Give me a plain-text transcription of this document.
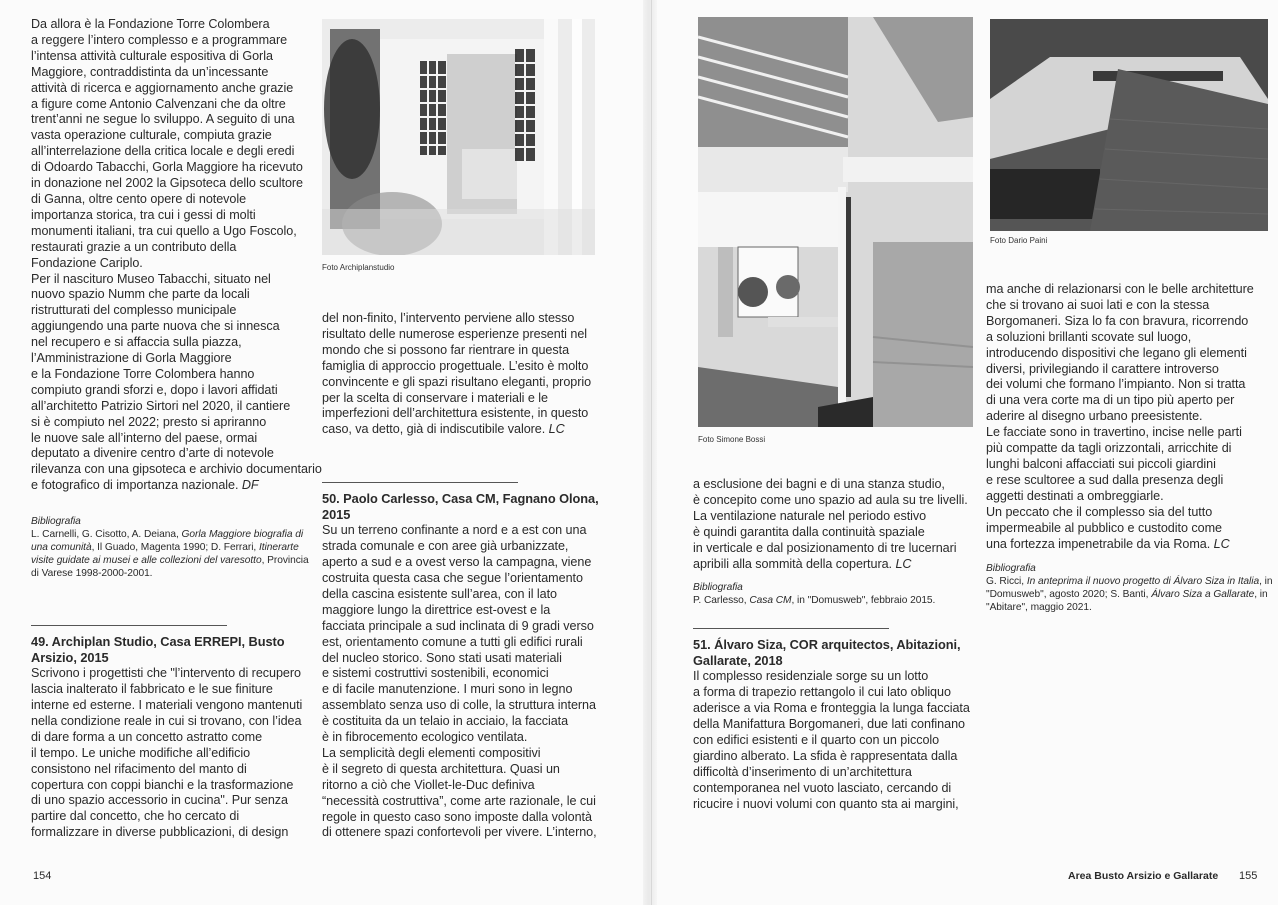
Da allora è la Fondazione Torre Colombera
a reggere l’intero complesso e a programmare
l’intensa attività culturale espositiva di Gorla
Maggiore, contraddistinta da un’incessante
attività di ricerca e aggiornamento anche grazie
a figure come Antonio Calvenzani che da oltre
trent’anni ne segue lo sviluppo. A seguito di una
vasta operazione culturale, compiuta grazie
all’interrelazione della critica locale e degli eredi
di Odoardo Tabacchi, Gorla Maggiore ha ricevuto
in donazione nel 2002 la Gipsoteca dello scultore
di Ganna, oltre cento opere di notevole
importanza storica, tra cui i gessi di molti
monumenti italiani, tra cui quello a Ugo Foscolo,
restaurati grazie a un contributo della
Fondazione Cariplo.
Per il nascituro Museo Tabacchi, situato nel
nuovo spazio Numm che parte da locali
ristrutturati del complesso municipale
aggiungendo una parte nuova che si innesca
nel recupero e si affaccia sulla piazza,
l’Amministrazione di Gorla Maggiore
e la Fondazione Torre Colombera hanno
compiuto grandi sforzi e, dopo i lavori affidati
all’architetto Patrizio Sirtori nel 2020, il cantiere
si è compiuto nel 2022; presto si apriranno
le nuove sale all’interno del paese, ormai
deputato a divenire centro d’arte di notevole
rilevanza con una gipsoteca e archivio documentario
e fotografico di importanza nazionale. DF
Bibliografia
L. Carnelli, G. Cisotto, A. Deiana, Gorla Maggiore biografia di una comunità, Il Guado, Magenta 1990; D. Ferrari, Itinerarte visite guidate ai musei e alle collezioni del varesotto, Provincia di Varese 1998-2000-2001.
49. Archiplan Studio, Casa ERREPI, Busto
Arsizio, 2015
Scrivono i progettisti che "l’intervento di recupero
lascia inalterato il fabbricato e le sue finiture
interne ed esterne. I materiali vengono mantenuti
nella condizione reale in cui si trovano, con l’idea
di dare forma a un concetto astratto come
il tempo. Le uniche modifiche all’edificio
consistono nel rifacimento del manto di
copertura con coppi bianchi e la trasformazione
di uno spazio accessorio in cucina". Pur senza
partire dal concetto, che ho cercato di
formalizzare in diverse pubblicazioni, di design
Foto Archiplanstudio
del non-finito, l’intervento perviene allo stesso
risultato delle numerose esperienze presenti nel
mondo che si possono far rientrare in questa
famiglia di approccio progettuale. L’esito è molto
convincente e gli spazi risultano eleganti, proprio
per la scelta di conservare i materiali e le
imperfezioni dell’architettura esistente, in questo
caso, va detto, già di indiscutibile valore. LC
50. Paolo Carlesso, Casa CM, Fagnano Olona,
2015
Su un terreno confinante a nord e a est con una
strada comunale e con aree già urbanizzate,
aperto a sud e a ovest verso la campagna, viene
costruita questa casa che segue l’orientamento
della cascina esistente sull’area, con il lato
maggiore lungo la direttrice est-ovest e la
facciata principale a sud inclinata di 9 gradi verso
est, orientamento comune a tutti gli edifici rurali
del nucleo storico. Sono stati usati materiali
e sistemi costruttivi sostenibili, economici
e di facile manutenzione. I muri sono in legno
assemblato senza uso di colle, la struttura interna
è costituita da un telaio in acciaio, la facciata
è in fibrocemento ecologico ventilata.
La semplicità degli elementi compositivi
è il segreto di questa architettura. Quasi un
ritorno a ciò che Viollet-le-Duc definiva
“necessità costruttiva”, come arte razionale, le cui
regole in questo caso sono imposte dalla volontà
di ottenere spazi confortevoli per vivere. L’interno,
154
Foto Simone Bossi
a esclusione dei bagni e di una stanza studio,
è concepito come uno spazio ad aula su tre livelli.
La ventilazione naturale nel periodo estivo
è quindi garantita dalla continuità spaziale
in verticale e dal posizionamento di tre lucernari
apribili alla sommità della copertura. LC
Bibliografia
P. Carlesso, Casa CM, in "Domusweb", febbraio 2015.
51. Álvaro Siza, COR arquitectos, Abitazioni,
Gallarate, 2018
Il complesso residenziale sorge su un lotto
a forma di trapezio rettangolo il cui lato obliquo
aderisce a via Roma e fronteggia la lunga facciata
della Manifattura Borgomaneri, due lati confinano
con edifici esistenti e il quarto con un piccolo
giardino alberato. La sfida è rappresentata dalla
difficoltà d’inserimento di un’architettura
contemporanea nel vuoto lasciato, cercando di
ricucire i nuovi volumi con quanto sta ai margini,
Foto Dario Paini
ma anche di relazionarsi con le belle architetture
che si trovano ai suoi lati e con la stessa
Borgomaneri. Siza lo fa con bravura, ricorrendo
a soluzioni brillanti scovate sul luogo,
introducendo dispositivi che legano gli elementi
diversi, privilegiando il carattere introverso
dei volumi che formano l’impianto. Non si tratta
di una vera corte ma di un tipo più aperto per
aderire al disegno urbano preesistente.
Le facciate sono in travertino, incise nelle parti
più compatte da tagli orizzontali, arricchite di
lunghi balconi affacciati sui piccoli giardini
e rese scultoree a sud dalla presenza degli
aggetti destinati a ombreggiarle.
Un peccato che il complesso sia del tutto
impermeabile al pubblico e custodito come
una fortezza impenetrabile da via Roma. LC
Bibliografia
G. Ricci, In anteprima il nuovo progetto di Álvaro Siza in Italia, in "Domusweb", agosto 2020; S. Banti, Álvaro Siza a Gallarate, in "Abitare", maggio 2021.
Area Busto Arsizio e Gallarate 155
